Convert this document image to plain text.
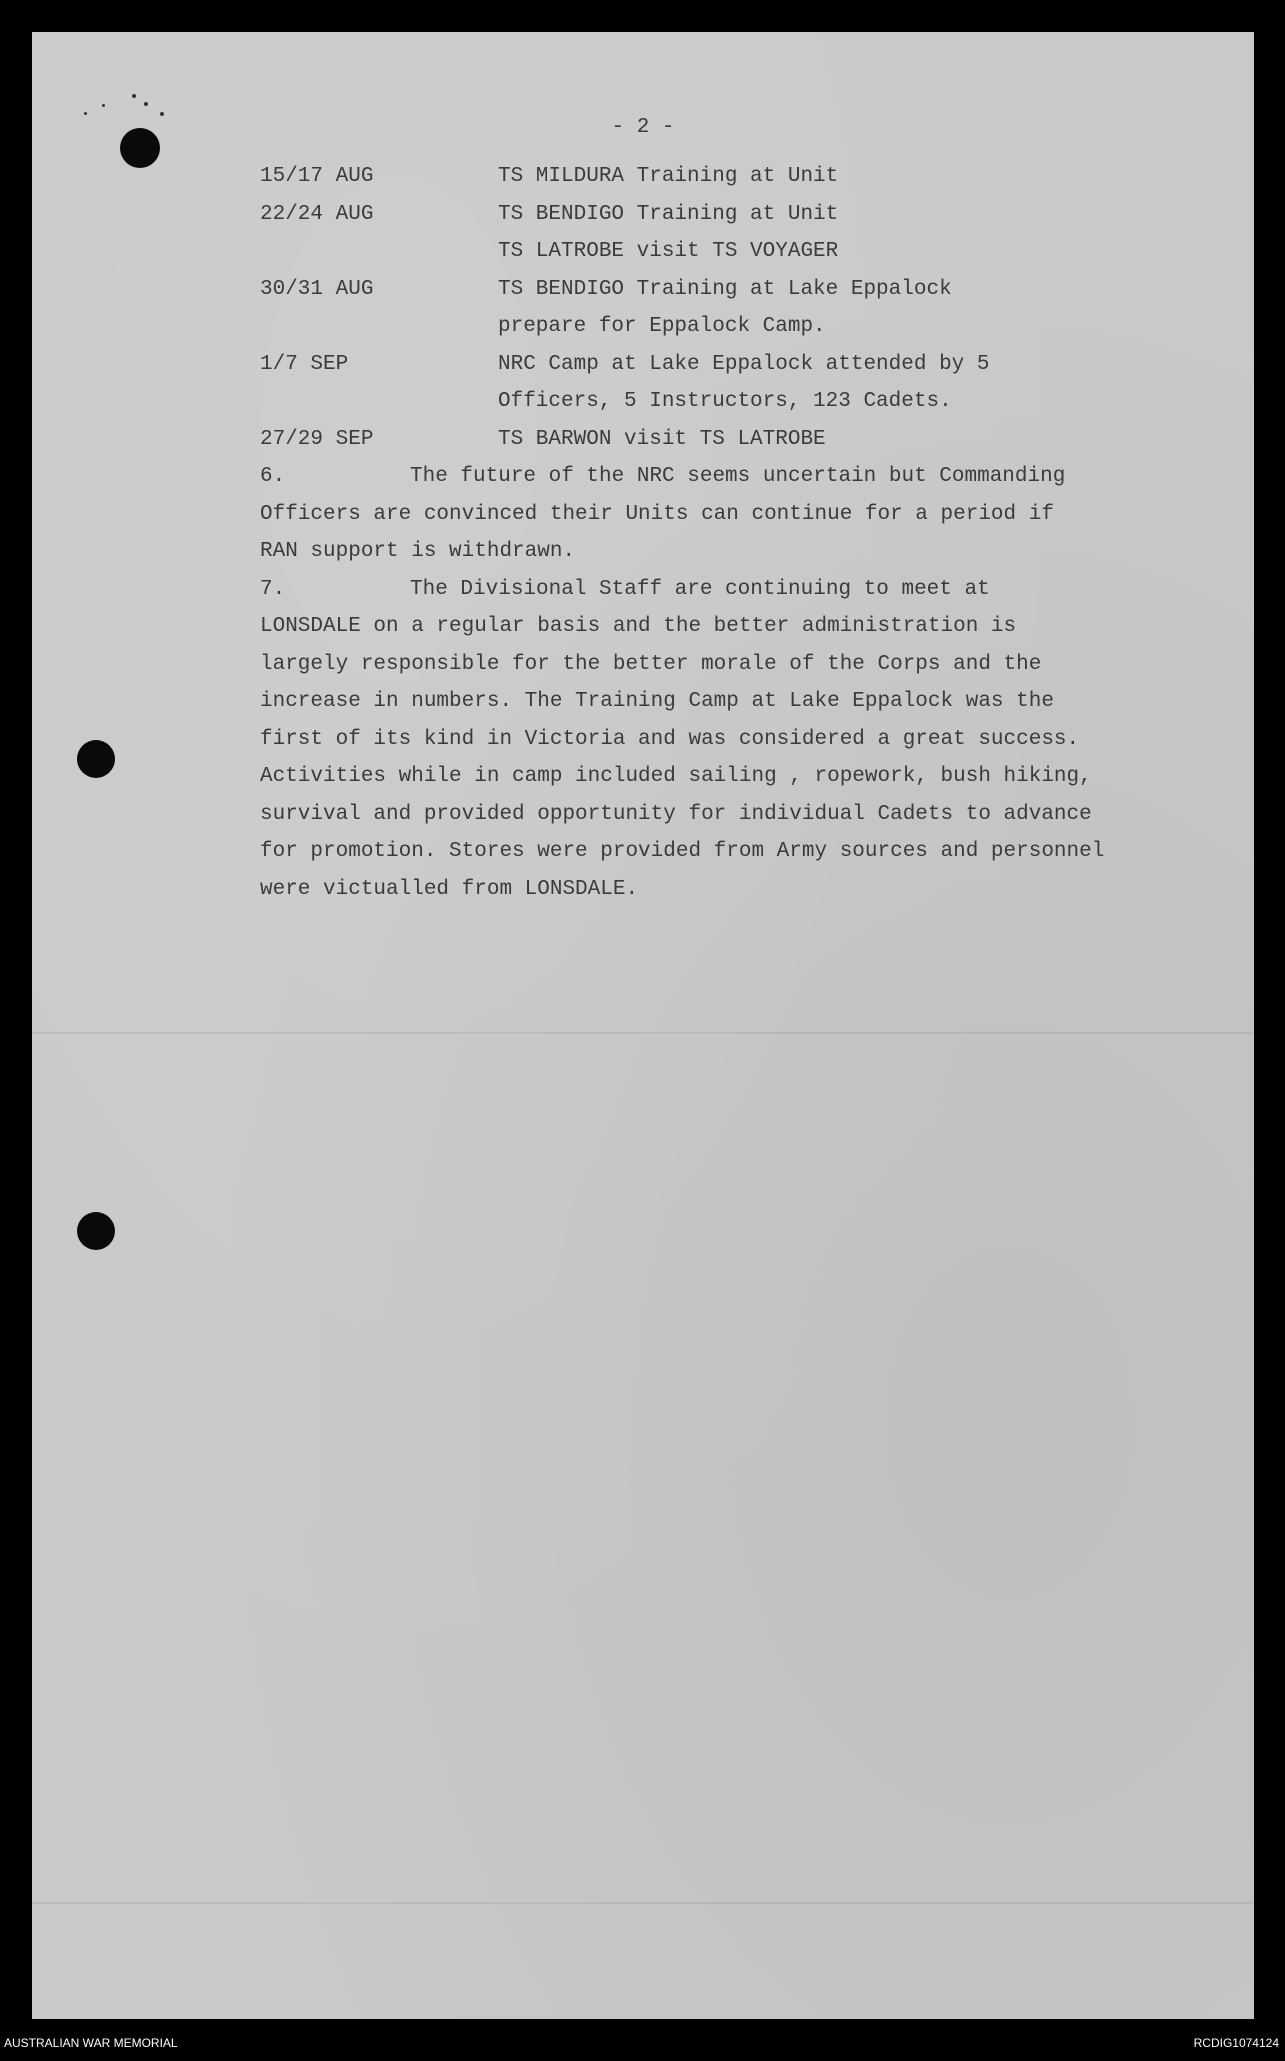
- 2 -
15/17 AUG	TS MILDURA Training at Unit
22/24 AUG	TS BENDIGO Training at Unit
TS LATROBE visit TS VOYAGER
30/31 AUG	TS BENDIGO Training at Lake Eppalock
prepare for Eppalock Camp.
1/7 SEP	NRC Camp at Lake Eppalock attended by 5
Officers, 5 Instructors, 123 Cadets.
27/29 SEP	TS BARWON visit TS LATROBE
6.	The future of the NRC seems uncertain but Commanding
Officers are convinced their Units can continue for a period if
RAN support is withdrawn.
7.	The Divisional Staff are continuing to meet at
LONSDALE on a regular basis and the better administration is
largely responsible for the better morale of the Corps and the
increase in numbers. The Training Camp at Lake Eppalock was the
first of its kind in Victoria and was considered a great success.
Activities while in camp included sailing , ropework, bush hiking,
survival and provided opportunity for individual Cadets to advance
for promotion. Stores were provided from Army sources and personnel
were victualled from LONSDALE.
AUSTRALIAN WAR MEMORIAL	RCDIG1074124
